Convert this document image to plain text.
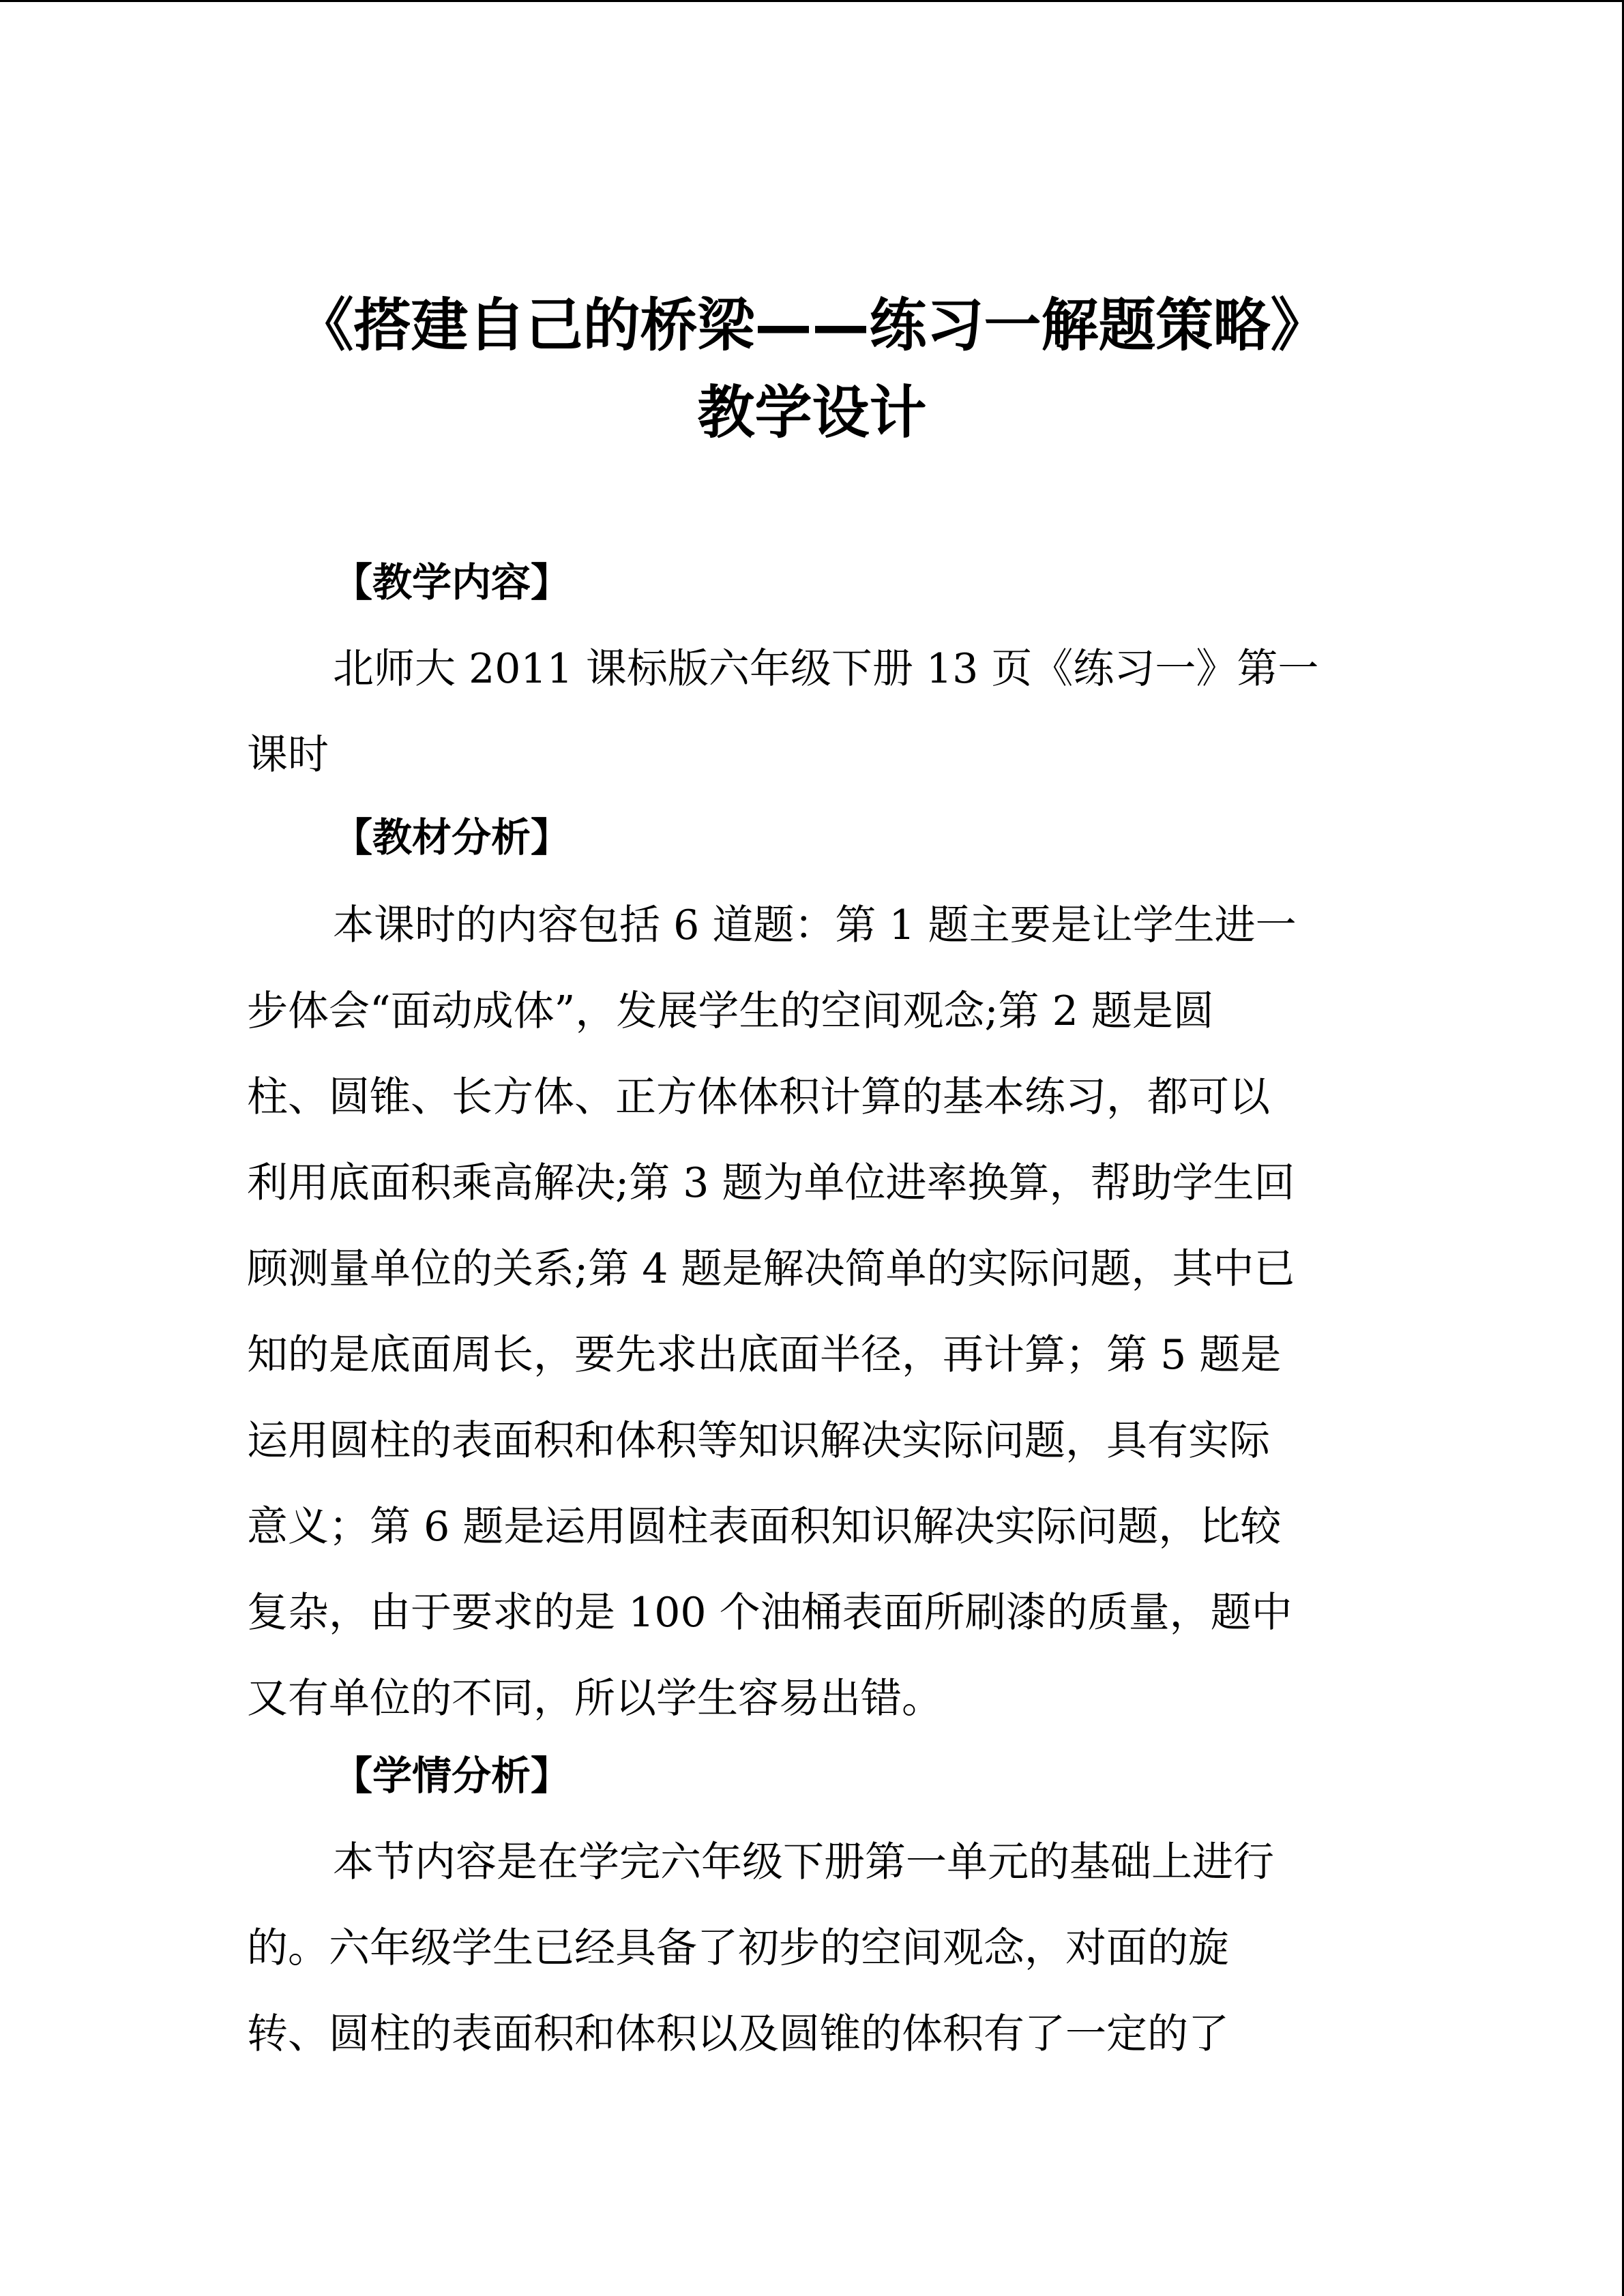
《搭建自己的桥梁——练习一解题策略》
教学设计
【教学内容】
北师大 2011 课标版六年级下册 13 页《练习一》第一
课时
【教材分析】
本课时的内容包括 6 道题：第 1 题主要是让学生进一
步体会“面动成体”，发展学生的空间观念;第 2 题是圆
柱、圆锥、长方体、正方体体积计算的基本练习，都可以
利用底面积乘高解决;第 3 题为单位进率换算，帮助学生回
顾测量单位的关系;第 4 题是解决简单的实际问题，其中已
知的是底面周长，要先求出底面半径，再计算；第 5 题是
运用圆柱的表面积和体积等知识解决实际问题，具有实际
意义；第 6 题是运用圆柱表面积知识解决实际问题，比较
复杂，由于要求的是 100 个油桶表面所刷漆的质量，题中
又有单位的不同，所以学生容易出错。
【学情分析】
本节内容是在学完六年级下册第一单元的基础上进行
的。六年级学生已经具备了初步的空间观念，对面的旋
转、圆柱的表面积和体积以及圆锥的体积有了一定的了
